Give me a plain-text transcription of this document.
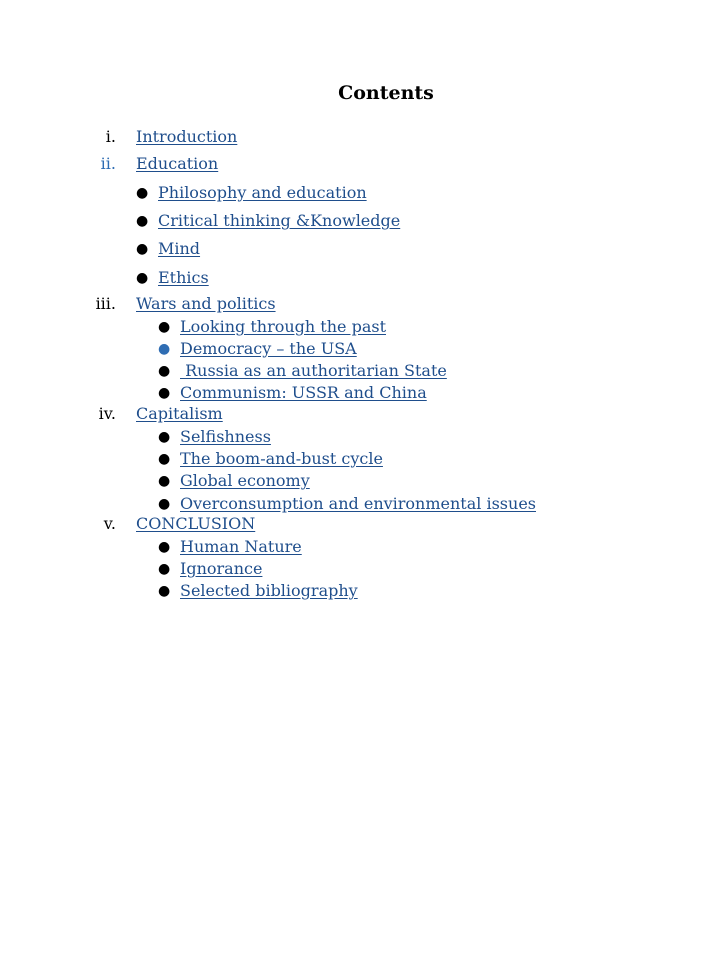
Contents
i. Introduction
ii. Education
● Philosophy and education
● Critical thinking &Knowledge
● Mind
● Ethics
iii. Wars and politics
● Looking through the past
● Democracy – the USA
● Russia as an authoritarian State
● Communism: USSR and China
iv. Capitalism
● Selfishness
● The boom-and-bust cycle
● Global economy
● Overconsumption and environmental issues
v. CONCLUSION
● Human Nature
● Ignorance
● Selected bibliography
